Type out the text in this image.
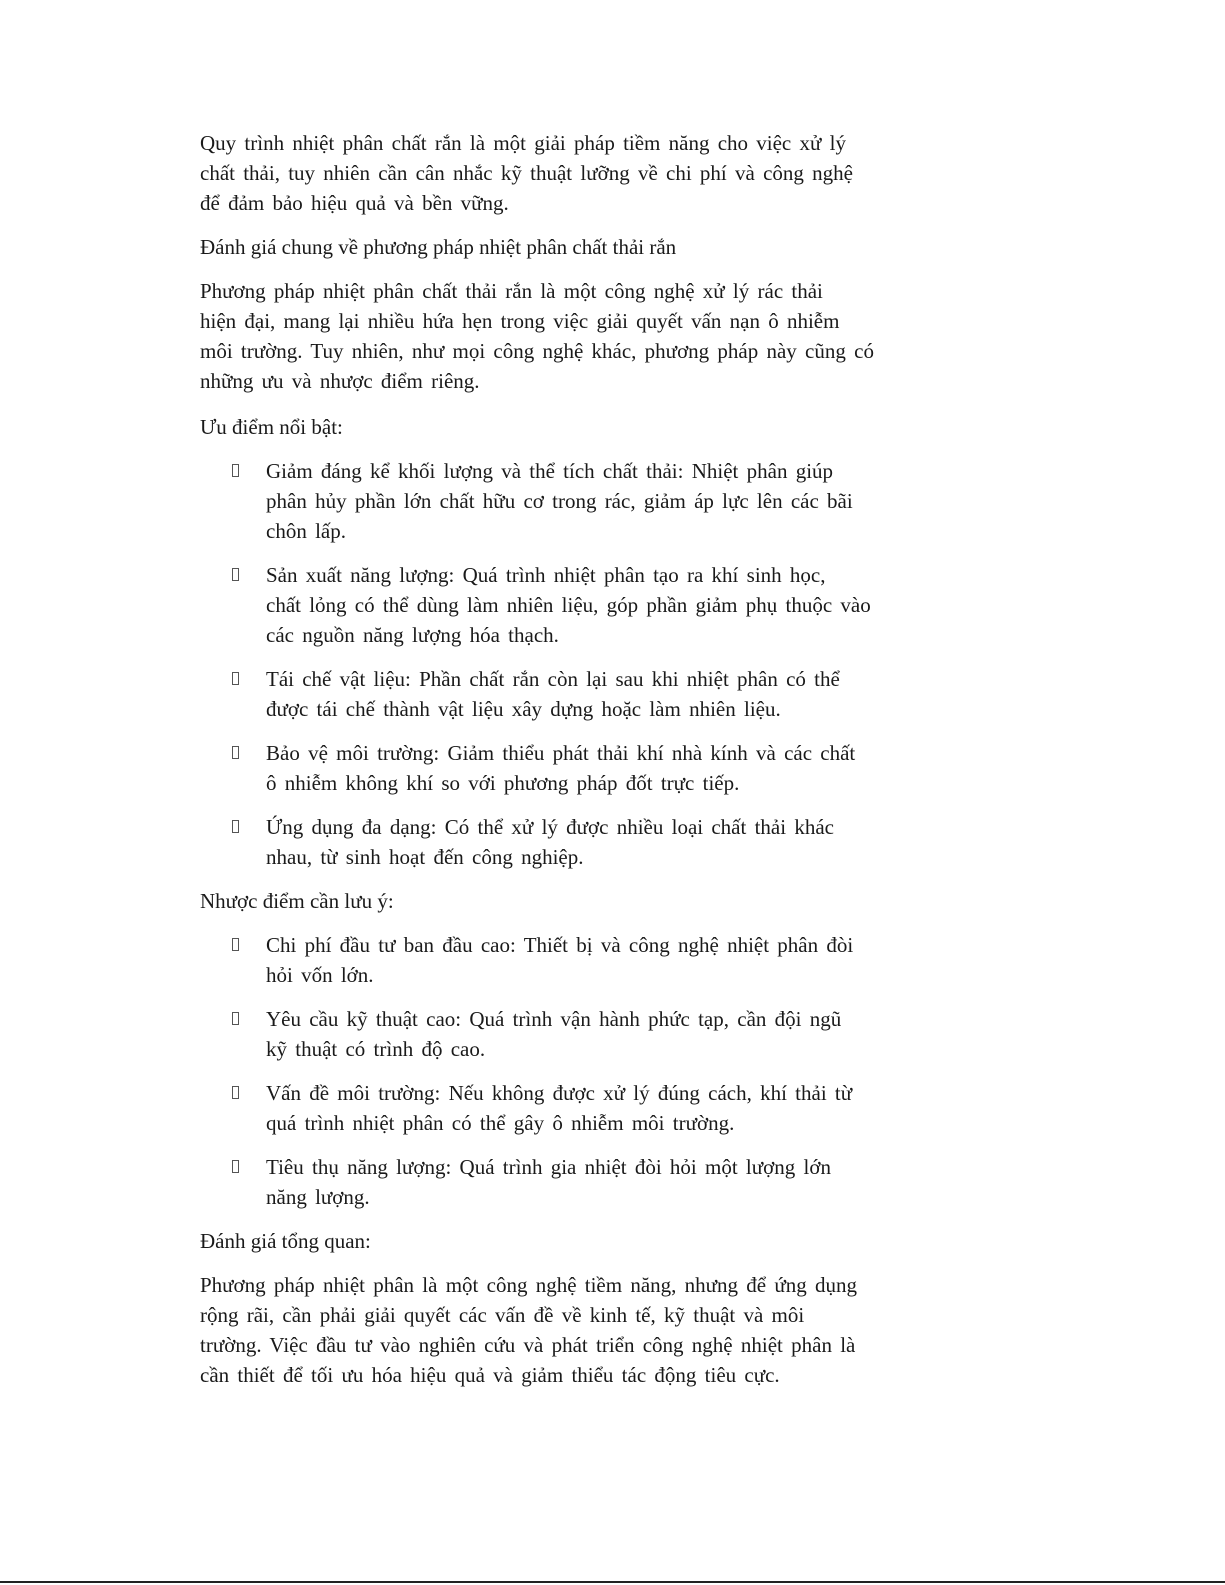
Quy trình nhiệt phân chất rắn là một giải pháp tiềm năng cho việc xử lý
chất thải, tuy nhiên cần cân nhắc kỹ thuật lưỡng về chi phí và công nghệ
để đảm bảo hiệu quả và bền vững.

Đánh giá chung về phương pháp nhiệt phân chất thải rắn

Phương pháp nhiệt phân chất thải rắn là một công nghệ xử lý rác thải
hiện đại, mang lại nhiều hứa hẹn trong việc giải quyết vấn nạn ô nhiễm
môi trường. Tuy nhiên, như mọi công nghệ khác, phương pháp này cũng có
những ưu và nhược điểm riêng.

Ưu điểm nổi bật:

Giảm đáng kể khối lượng và thể tích chất thải: Nhiệt phân giúp
phân hủy phần lớn chất hữu cơ trong rác, giảm áp lực lên các bãi
chôn lấp.
Sản xuất năng lượng: Quá trình nhiệt phân tạo ra khí sinh học,
chất lỏng có thể dùng làm nhiên liệu, góp phần giảm phụ thuộc vào
các nguồn năng lượng hóa thạch.
Tái chế vật liệu: Phần chất rắn còn lại sau khi nhiệt phân có thể
được tái chế thành vật liệu xây dựng hoặc làm nhiên liệu.
Bảo vệ môi trường: Giảm thiểu phát thải khí nhà kính và các chất
ô nhiễm không khí so với phương pháp đốt trực tiếp.
Ứng dụng đa dạng: Có thể xử lý được nhiều loại chất thải khác
nhau, từ sinh hoạt đến công nghiệp.

Nhược điểm cần lưu ý:

Chi phí đầu tư ban đầu cao: Thiết bị và công nghệ nhiệt phân đòi
hỏi vốn lớn.
Yêu cầu kỹ thuật cao: Quá trình vận hành phức tạp, cần đội ngũ
kỹ thuật có trình độ cao.
Vấn đề môi trường: Nếu không được xử lý đúng cách, khí thải từ
quá trình nhiệt phân có thể gây ô nhiễm môi trường.
Tiêu thụ năng lượng: Quá trình gia nhiệt đòi hỏi một lượng lớn
năng lượng.

Đánh giá tổng quan:

Phương pháp nhiệt phân là một công nghệ tiềm năng, nhưng để ứng dụng
rộng rãi, cần phải giải quyết các vấn đề về kinh tế, kỹ thuật và môi
trường. Việc đầu tư vào nghiên cứu và phát triển công nghệ nhiệt phân là
cần thiết để tối ưu hóa hiệu quả và giảm thiểu tác động tiêu cực.
